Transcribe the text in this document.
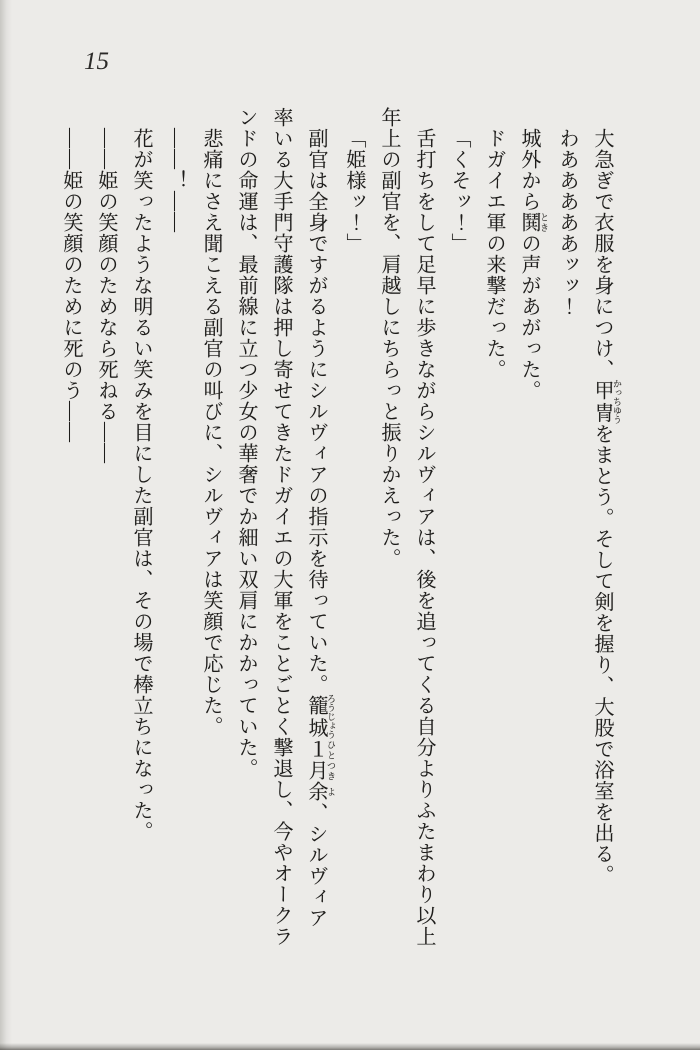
15
大急ぎで衣服を身につけ、甲冑 かっちゆうをまとう。そして剣を握り、大股で浴室を出る。
わあああああッッ！
城外から鬨 ときの声があがった。
ドガイエ軍の来撃だった。
「くそッ！」
舌打ちをして足早に歩きながらシルヴィアは、後を追ってくる自分よりふたまわり以上
年上の副官を、肩越しにちらっと振りかえった。
「姫様ッ！」
副官は全身ですがるようにシルヴィアの指示を待っていた。籠城 ろうじょう１月 ひとつき余 よ、シルヴィア
率いる大手門守護隊は押し寄せてきたドガイエの大軍をことごとく撃退し、今やオークラ
ンドの命運は、最前線に立つ少女の華奢でか細い双肩にかかっていた。
悲痛にさえ聞こえる副官の叫びに、シルヴィアは笑顔で応じた。
――！――
花が笑ったような明るい笑みを目にした副官は、その場で棒立ちになった。
――姫の笑顔のためなら死ねる――
――姫の笑顔のために死のう――
